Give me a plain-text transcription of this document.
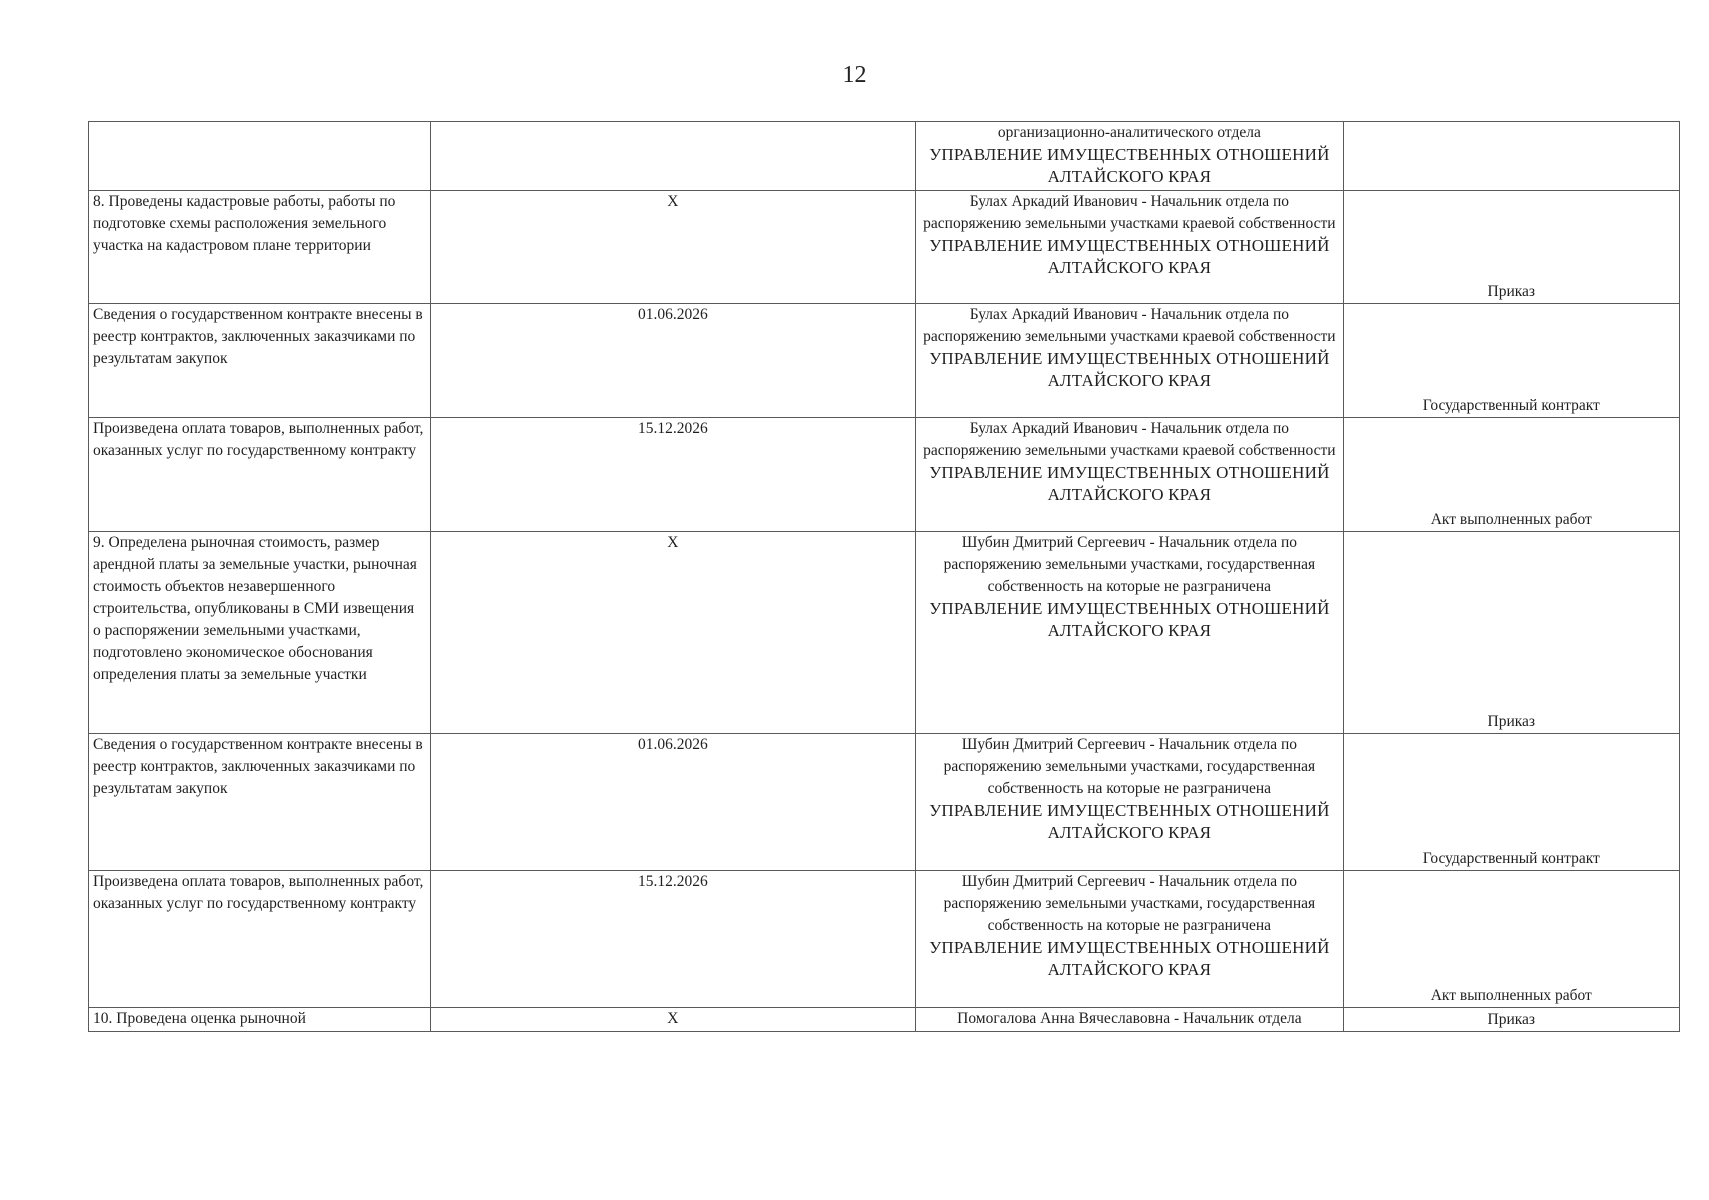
12

		организационно-аналитического отдела
УПРАВЛЕНИЕ ИМУЩЕСТВЕННЫХ ОТНОШЕНИЙ АЛТАЙСКОГО КРАЯ	

8. Проведены кадастровые работы, работы по подготовке схемы расположения земельного участка на кадастровом плане территории	X	Булах Аркадий Иванович - Начальник отдела по распоряжению земельными участками краевой собственности
УПРАВЛЕНИЕ ИМУЩЕСТВЕННЫХ ОТНОШЕНИЙ АЛТАЙСКОГО КРАЯ	Приказ

Сведения о государственном контракте внесены в реестр контрактов, заключенных заказчиками по результатам закупок	01.06.2026	Булах Аркадий Иванович - Начальник отдела по распоряжению земельными участками краевой собственности
УПРАВЛЕНИЕ ИМУЩЕСТВЕННЫХ ОТНОШЕНИЙ АЛТАЙСКОГО КРАЯ	Государственный контракт

Произведена оплата товаров, выполненных работ, оказанных услуг по государственному контракту	15.12.2026	Булах Аркадий Иванович - Начальник отдела по распоряжению земельными участками краевой собственности
УПРАВЛЕНИЕ ИМУЩЕСТВЕННЫХ ОТНОШЕНИЙ АЛТАЙСКОГО КРАЯ	Акт выполненных работ

9. Определена рыночная стоимость, размер арендной платы за земельные участки, рыночная стоимость объектов незавершенного строительства, опубликованы в СМИ извещения о распоряжении земельными участками, подготовлено экономическое обоснования определения платы за земельные участки	X	Шубин Дмитрий Сергеевич - Начальник отдела по распоряжению земельными участками, государственная собственность на которые не разграничена
УПРАВЛЕНИЕ ИМУЩЕСТВЕННЫХ ОТНОШЕНИЙ АЛТАЙСКОГО КРАЯ	Приказ

Сведения о государственном контракте внесены в реестр контрактов, заключенных заказчиками по результатам закупок	01.06.2026	Шубин Дмитрий Сергеевич - Начальник отдела по распоряжению земельными участками, государственная собственность на которые не разграничена
УПРАВЛЕНИЕ ИМУЩЕСТВЕННЫХ ОТНОШЕНИЙ АЛТАЙСКОГО КРАЯ	Государственный контракт

Произведена оплата товаров, выполненных работ, оказанных услуг по государственному контракту	15.12.2026	Шубин Дмитрий Сергеевич - Начальник отдела по распоряжению земельными участками, государственная собственность на которые не разграничена
УПРАВЛЕНИЕ ИМУЩЕСТВЕННЫХ ОТНОШЕНИЙ АЛТАЙСКОГО КРАЯ	Акт выполненных работ

10. Проведена оценка рыночной	X	Помогалова Анна Вячеславовна - Начальник отдела	Приказ
